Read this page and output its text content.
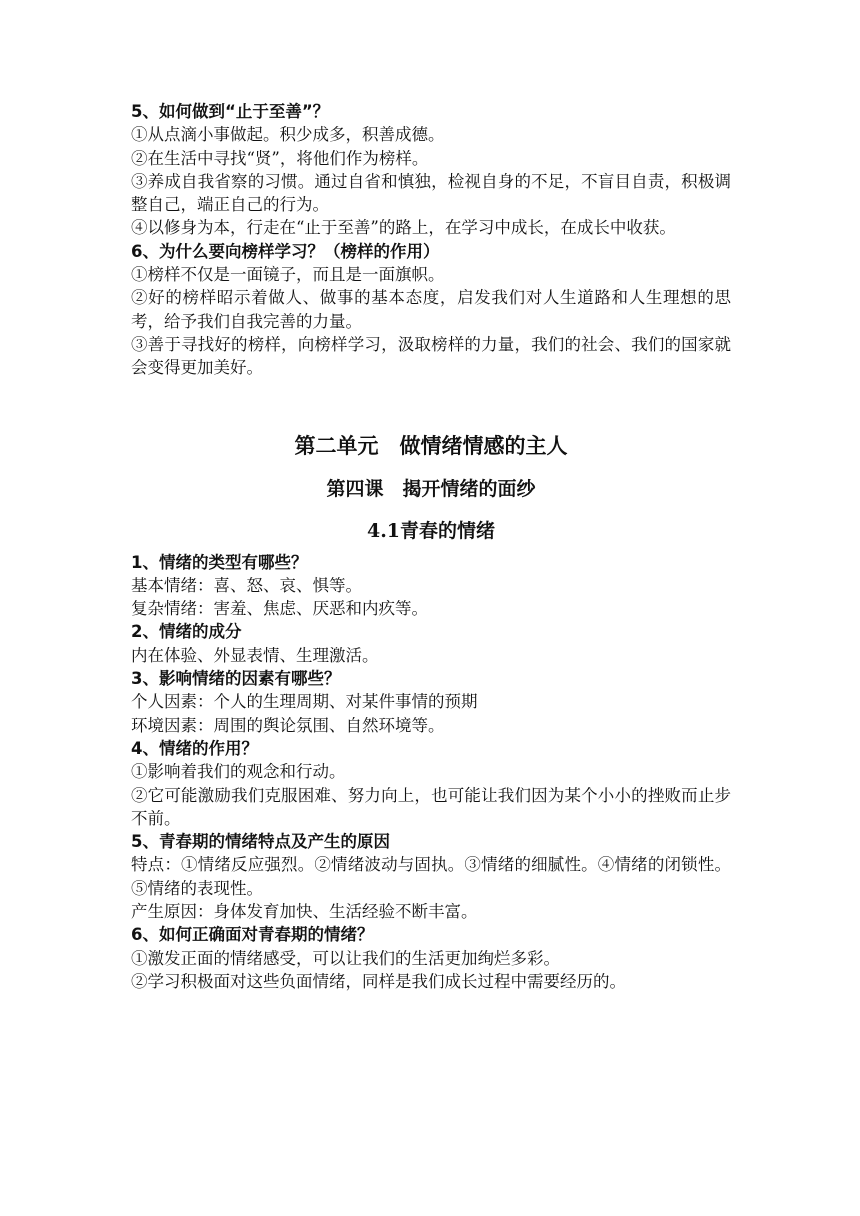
5、如何做到“止于至善”？

①从点滴小事做起。积少成多，积善成德。

②在生活中寻找“贤”，将他们作为榜样。

③养成自我省察的习惯。通过自省和慎独，检视自身的不足，不盲目自责，积极调整自己，端正自己的行为。

④以修身为本，行走在“止于至善”的路上，在学习中成长，在成长中收获。

6、为什么要向榜样学习？（榜样的作用）

①榜样不仅是一面镜子，而且是一面旗帜。

②好的榜样昭示着做人、做事的基本态度，启发我们对人生道路和人生理想的思考，给予我们自我完善的力量。

③善于寻找好的榜样，向榜样学习，汲取榜样的力量，我们的社会、我们的国家就会变得更加美好。

第二单元　做情绪情感的主人
第四课　揭开情绪的面纱
4.1青春的情绪

1、情绪的类型有哪些？

基本情绪：喜、怒、哀、惧等。

复杂情绪：害羞、焦虑、厌恶和内疚等。

2、情绪的成分

内在体验、外显表情、生理激活。

3、影响情绪的因素有哪些？

个人因素：个人的生理周期、对某件事情的预期

环境因素：周围的舆论氛围、自然环境等。

4、情绪的作用？

①影响着我们的观念和行动。

②它可能激励我们克服困难、努力向上，也可能让我们因为某个小小的挫败而止步不前。

5、青春期的情绪特点及产生的原因

特点：①情绪反应强烈。②情绪波动与固执。③情绪的细腻性。④情绪的闭锁性。⑤情绪的表现性。

产生原因：身体发育加快、生活经验不断丰富。

6、如何正确面对青春期的情绪？

①激发正面的情绪感受，可以让我们的生活更加绚烂多彩。

②学习积极面对这些负面情绪，同样是我们成长过程中需要经历的。
